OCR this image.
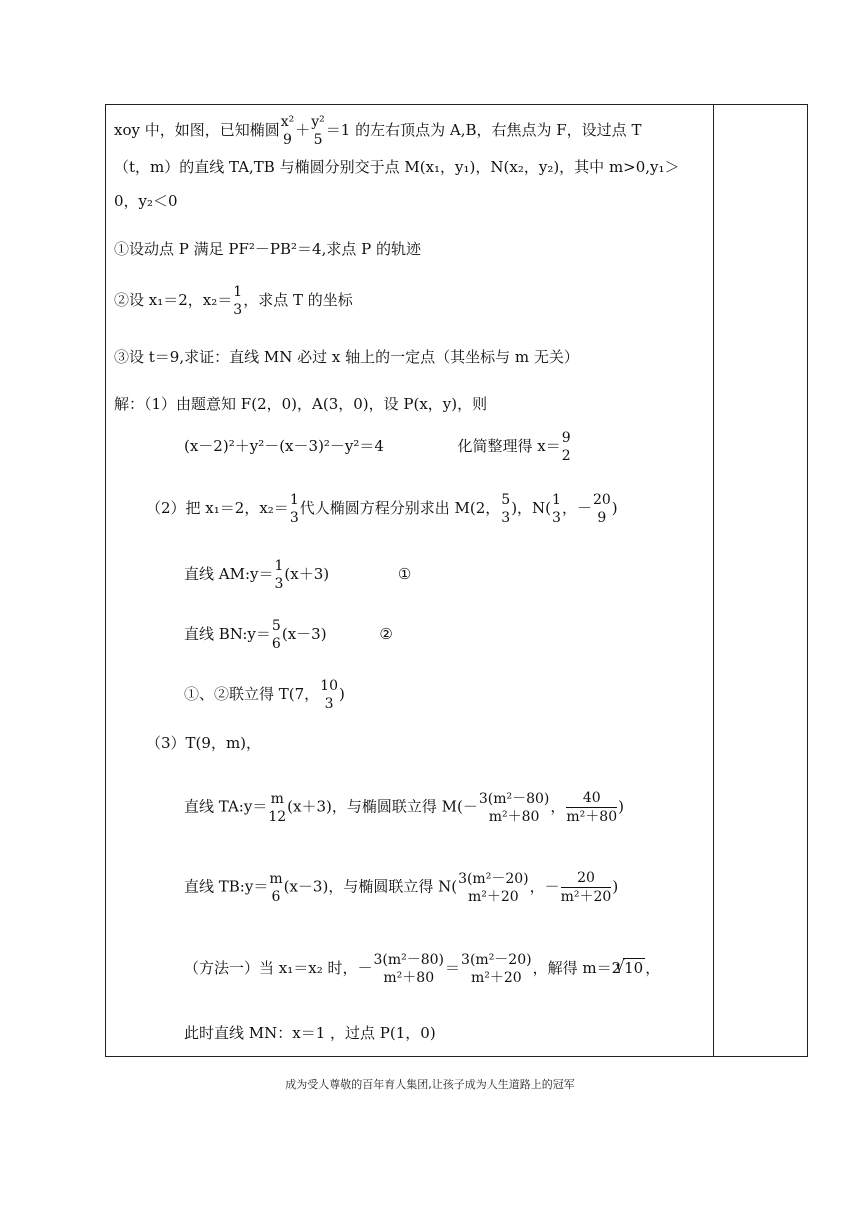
xoy 中，如图，已知椭圆 x²
9
＋ y²
5
＝1 的左右顶点为 A,B，右焦点为 F，设过点 T
（t，m）的直线 TA,TB 与椭圆分别交于点 M(x₁，y₁)，N(x₂，y₂)，其中 m>0,y₁＞
0，y₂＜0
①设动点 P 满足 PF²－PB²＝4,求点 P 的轨迹
②设 x₁＝2，x₂＝ 1
3
，求点 T 的坐标
③设 t＝9,求证：直线 MN 必过 x 轴上的一定点（其坐标与 m 无关）
解：（1）由题意知 F(2，0)，A(3，0)，设 P(x，y)，则
(x－2)²＋y²－(x－3)²－y²＝4	化简整理得 x＝ 9
2
（2）把 x₁＝2，x₂＝ 1
3
代人椭圆方程分别求出 M(2， 5
3
)，N( 1
3
，－ 20
9
)
直线 AM:y＝ 1
3
(x＋3)	①
直线 BN:y＝ 5
6
(x－3)	②
①、②联立得 T(7， 10
3
)
（3）T(9，m)，
直线 TA:y＝ m
12
(x＋3)，与椭圆联立得 M(－ 3(m²－80)
m²＋80
， $\frac{40}{\text{m²＋80}}$ )
直线 TB:y＝ m
6
(x－3)，与椭圆联立得 N( 3(m²－20)
m²＋20
，－ $\frac{20}{\text{m²＋20}}$ )
（方法一）当 x₁＝x₂ 时，－ 3(m²－80)
m²＋80
＝ 3(m²－20)
m²＋20
，解得 m＝2√ 10 ，
此时直线 MN：x＝1 ，过点 P(1，0)
成为受人尊敬的百年育人集团,让孩子成为人生道路上的冠军
